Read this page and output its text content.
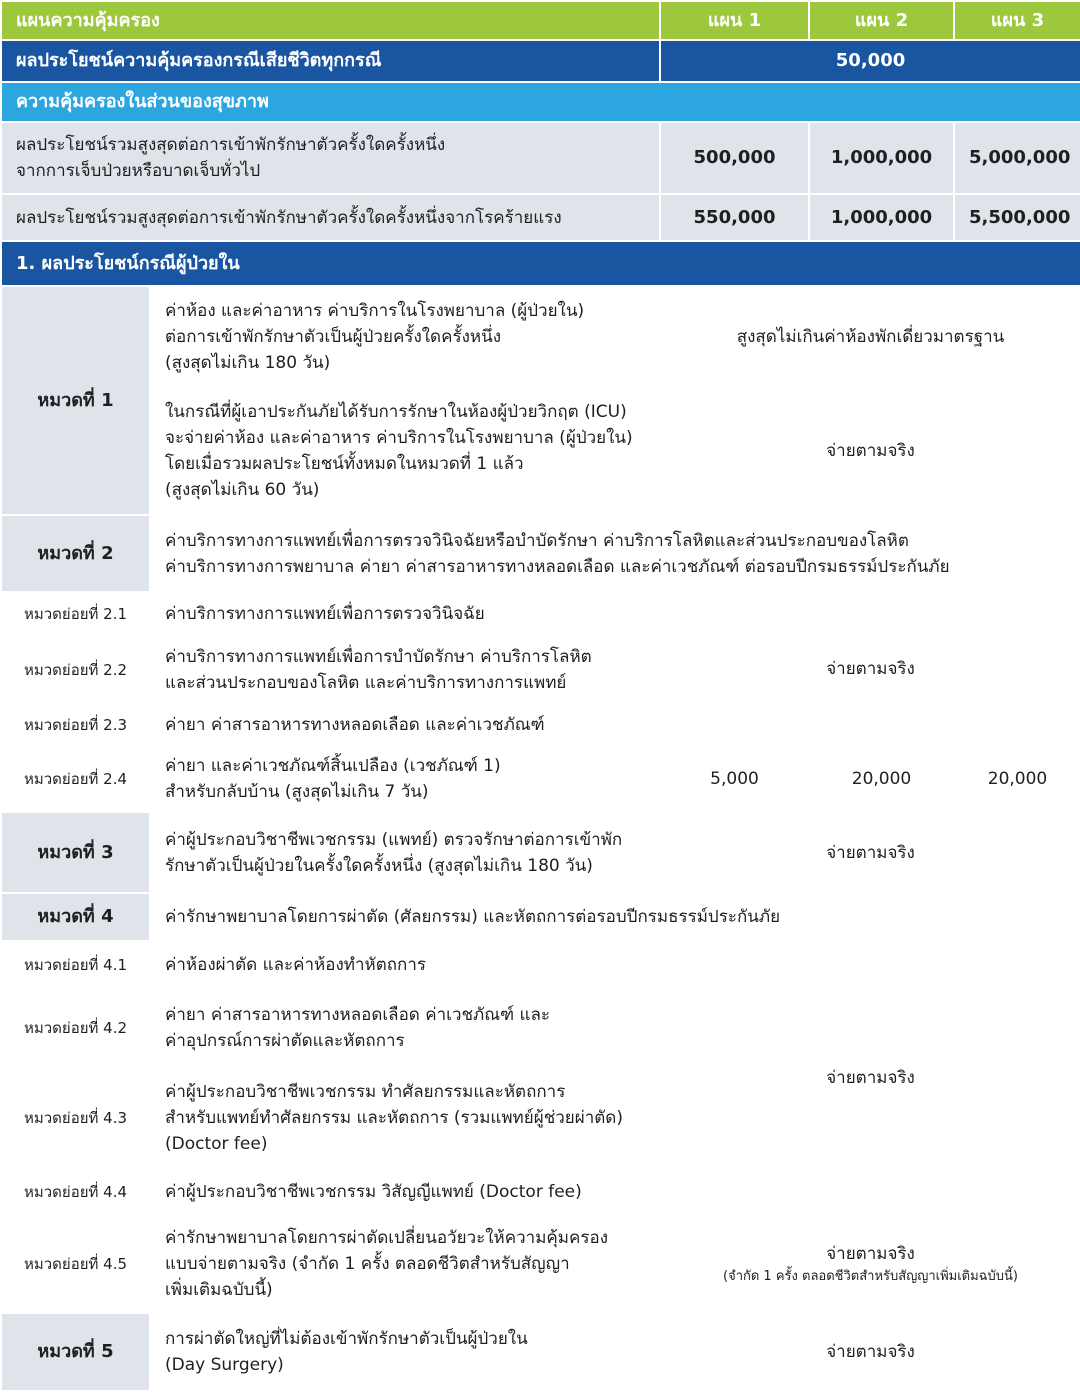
แผนความคุ้มครอง		แผน 1	แผน 2	แผน 3
ผลประโยชน์ความคุ้มครองกรณีเสียชีวิตทุกกรณี		50,000		
ความคุ้มครองในส่วนของสุขภาพ				
ผลประโยชน์รวมสูงสุดต่อการเข้าพักรักษาตัวครั้งใดครั้งหนึ่ง
จากการเจ็บป่วยหรือบาดเจ็บทั่วไป		500,000	1,000,000	5,000,000
ผลประโยชน์รวมสูงสุดต่อการเข้าพักรักษาตัวครั้งใดครั้งหนึ่งจากโรคร้ายแรง		550,000	1,000,000	5,500,000
1. ผลประโยชน์กรณีผู้ป่วยใน				
หมวดที่ 1	ค่าห้อง และค่าอาหาร ค่าบริการในโรงพยาบาล (ผู้ป่วยใน)
ต่อการเข้าพักรักษาตัวเป็นผู้ป่วยครั้งใดครั้งหนึ่ง
(สูงสุดไม่เกิน 180 วัน)	สูงสุดไม่เกินค่าห้องพักเดี่ยวมาตรฐาน		
	ในกรณีที่ผู้เอาประกันภัยได้รับการรักษาในห้องผู้ป่วยวิกฤต (ICU)
จะจ่ายค่าห้อง และค่าอาหาร ค่าบริการในโรงพยาบาล (ผู้ป่วยใน)
โดยเมื่อรวมผลประโยชน์ทั้งหมดในหมวดที่ 1 แล้ว
(สูงสุดไม่เกิน 60 วัน)	จ่ายตามจริง		
หมวดที่ 2	ค่าบริการทางการแพทย์เพื่อการตรวจวินิจฉัยหรือบำบัดรักษา ค่าบริการโลหิตและส่วนประกอบของโลหิต
ค่าบริการทางการพยาบาล ค่ายา ค่าสารอาหารทางหลอดเลือด และค่าเวชภัณฑ์ ต่อรอบปีกรมธรรม์ประกันภัย			
หมวดย่อยที่ 2.1	ค่าบริการทางการแพทย์เพื่อการตรวจวินิจฉัย	จ่ายตามจริง		
หมวดย่อยที่ 2.2	ค่าบริการทางการแพทย์เพื่อการบำบัดรักษา ค่าบริการโลหิต
และส่วนประกอบของโลหิต และค่าบริการทางการแพทย์			
หมวดย่อยที่ 2.3	ค่ายา ค่าสารอาหารทางหลอดเลือด และค่าเวชภัณฑ์			
หมวดย่อยที่ 2.4	ค่ายา และค่าเวชภัณฑ์สิ้นเปลือง (เวชภัณฑ์ 1)
สำหรับกลับบ้าน (สูงสุดไม่เกิน 7 วัน)	5,000	20,000	20,000
หมวดที่ 3	ค่าผู้ประกอบวิชาชีพเวชกรรม (แพทย์) ตรวจรักษาต่อการเข้าพัก
รักษาตัวเป็นผู้ป่วยในครั้งใดครั้งหนึ่ง (สูงสุดไม่เกิน 180 วัน)	จ่ายตามจริง		
หมวดที่ 4	ค่ารักษาพยาบาลโดยการผ่าตัด (ศัลยกรรม) และหัตถการต่อรอบปีกรมธรรม์ประกันภัย			
หมวดย่อยที่ 4.1	ค่าห้องผ่าตัด และค่าห้องทำหัตถการ	จ่ายตามจริง		
หมวดย่อยที่ 4.2	ค่ายา ค่าสารอาหารทางหลอดเลือด ค่าเวชภัณฑ์ และ
ค่าอุปกรณ์การผ่าตัดและหัตถการ			
หมวดย่อยที่ 4.3	ค่าผู้ประกอบวิชาชีพเวชกรรม ทำศัลยกรรมและหัตถการ
สำหรับแพทย์ทำศัลยกรรม และหัตถการ (รวมแพทย์ผู้ช่วยผ่าตัด)
(Doctor fee)			
หมวดย่อยที่ 4.4	ค่าผู้ประกอบวิชาชีพเวชกรรม วิสัญญีแพทย์ (Doctor fee)			
หมวดย่อยที่ 4.5	ค่ารักษาพยาบาลโดยการผ่าตัดเปลี่ยนอวัยวะให้ความคุ้มครอง
แบบจ่ายตามจริง (จำกัด 1 ครั้ง ตลอดชีวิตสำหรับสัญญา
เพิ่มเติมฉบับนี้)	จ่ายตามจริง
(จำกัด 1 ครั้ง ตลอดชีวิตสำหรับสัญญาเพิ่มเติมฉบับนี้)		

หมวดที่ 5	การผ่าตัดใหญ่ที่ไม่ต้องเข้าพักรักษาตัวเป็นผู้ป่วยใน
(Day Surgery)	จ่ายตามจริง		
